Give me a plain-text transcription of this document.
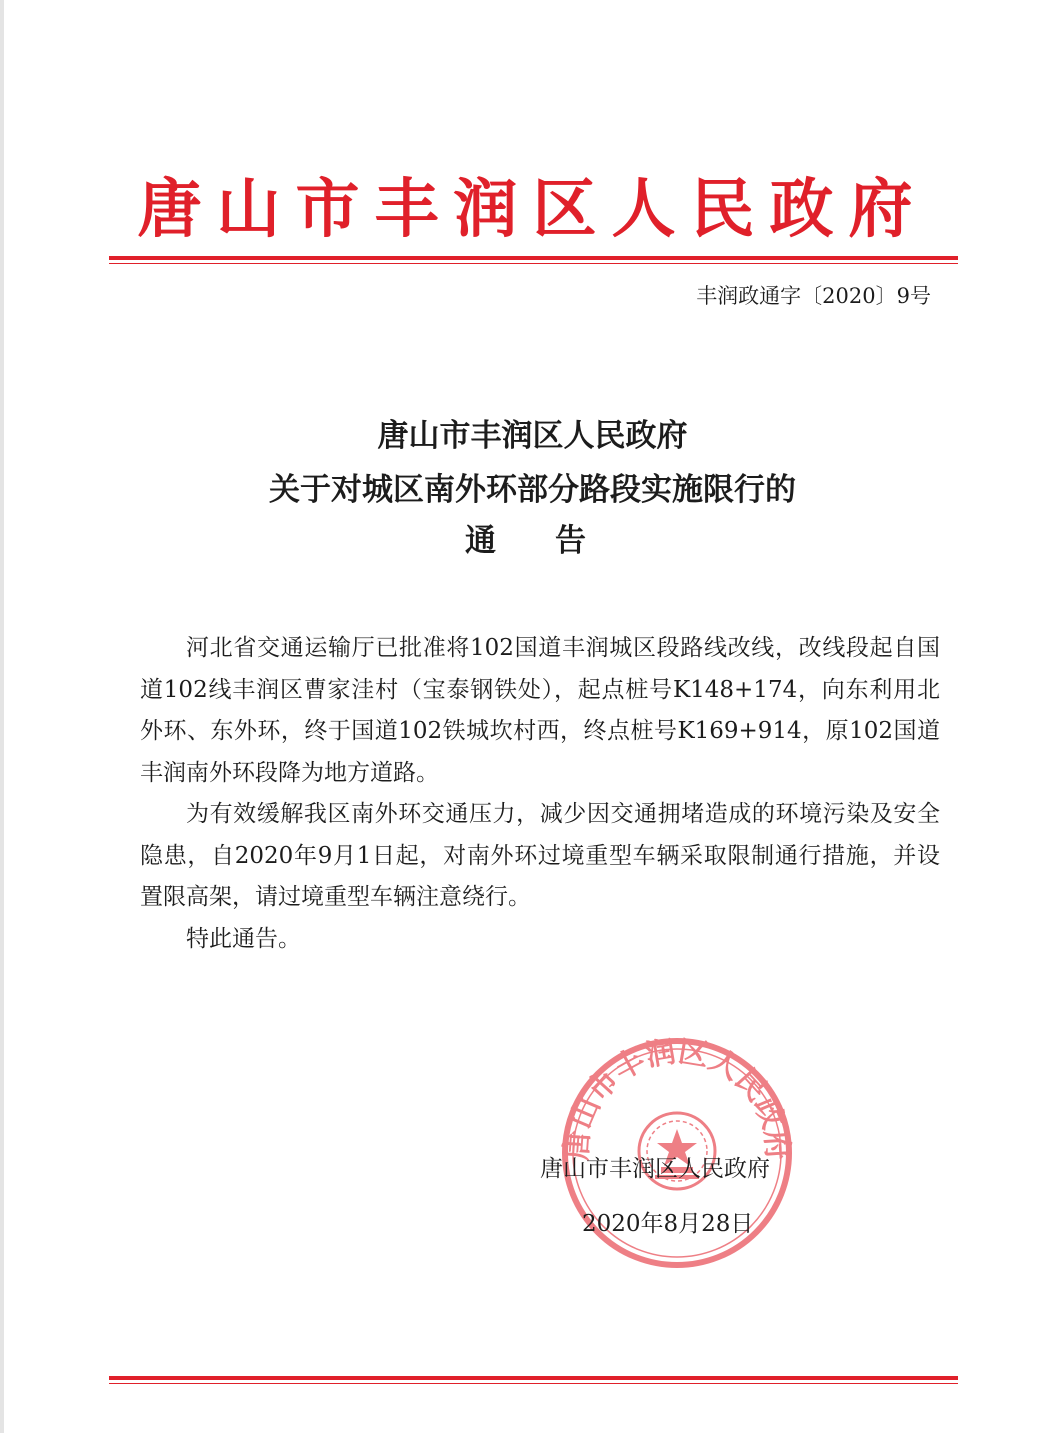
唐山市丰润区人民政府
丰润政通字〔2020〕9号
唐山市丰润区人民政府
关于对城区南外环部分路段实施限行的
通　告

河北省交通运输厅已批准将102国道丰润城区段路线改线，改线段起自国道102线丰润区曹家洼村（宝泰钢铁处），起点桩号K148+174，向东利用北外环、东外环，终于国道102铁城坎村西，终点桩号K169+914，原102国道丰润南外环段降为地方道路。

为有效缓解我区南外环交通压力，减少因交通拥堵造成的环境污染及安全隐患，自2020年9月1日起，对南外环过境重型车辆采取限制通行措施，并设置限高架，请过境重型车辆注意绕行。

特此通告。

唐山市丰润区人民政府
唐山市丰润区人民政府
2020年8月28日
